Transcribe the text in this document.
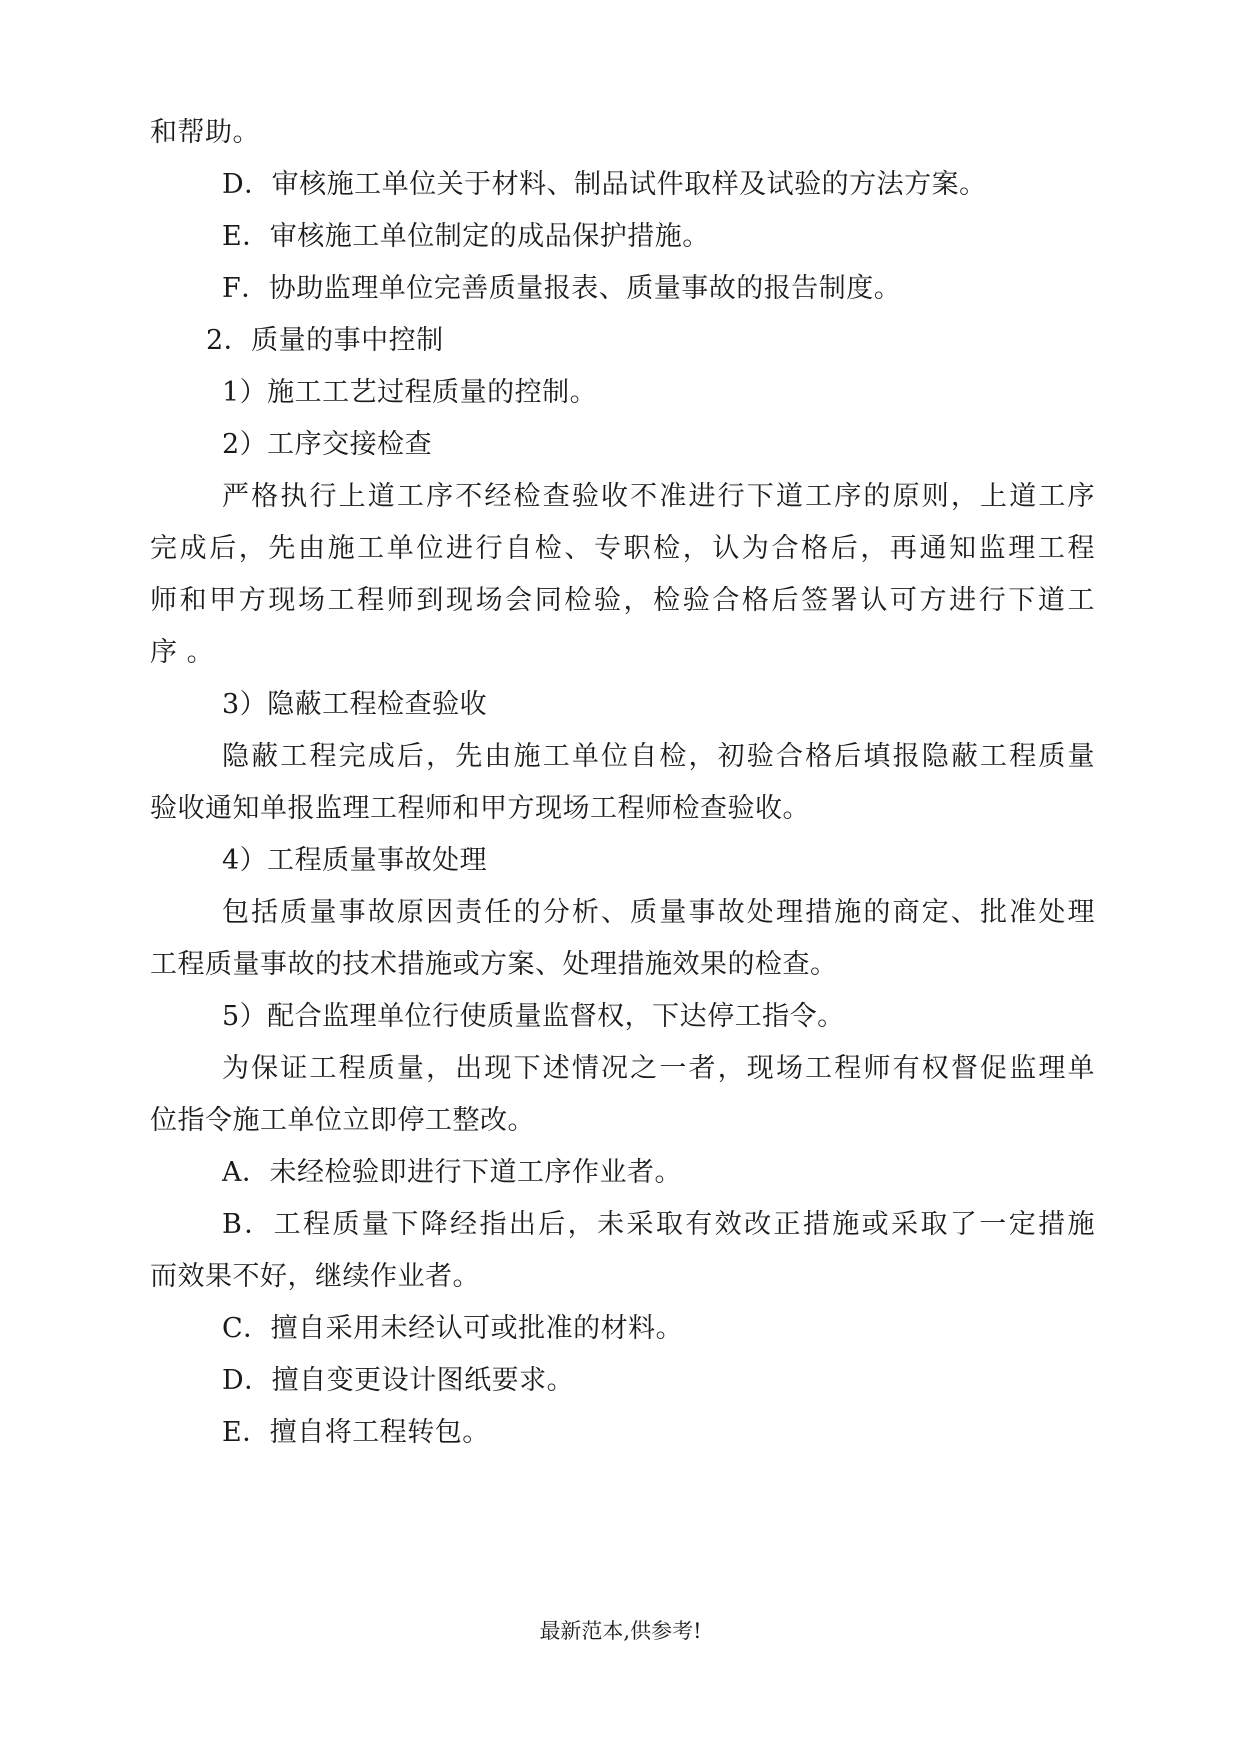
和帮助。
D．审核施工单位关于材料、制品试件取样及试验的方法方案。
E．审核施工单位制定的成品保护措施。
F．协助监理单位完善质量报表、质量事故的报告制度。
2．质量的事中控制
1）施工工艺过程质量的控制。
2）工序交接检查
严格执行上道工序不经检查验收不准进行下道工序的原则，上道工序
完成后，先由施工单位进行自检、专职检，认为合格后，再通知监理工程
师和甲方现场工程师到现场会同检验，检验合格后签署认可方进行下道工
序 。
3）隐蔽工程检查验收
隐蔽工程完成后，先由施工单位自检，初验合格后填报隐蔽工程质量
验收通知单报监理工程师和甲方现场工程师检查验收。
4）工程质量事故处理
包括质量事故原因责任的分析、质量事故处理措施的商定、批准处理
工程质量事故的技术措施或方案、处理措施效果的检查。
5）配合监理单位行使质量监督权，下达停工指令。
为保证工程质量，出现下述情况之一者，现场工程师有权督促监理单
位指令施工单位立即停工整改。
A．未经检验即进行下道工序作业者。
B．工程质量下降经指出后，未采取有效改正措施或采取了一定措施
而效果不好，继续作业者。
C．擅自采用未经认可或批准的材料。
D．擅自变更设计图纸要求。
E．擅自将工程转包。
最新范本,供参考!
